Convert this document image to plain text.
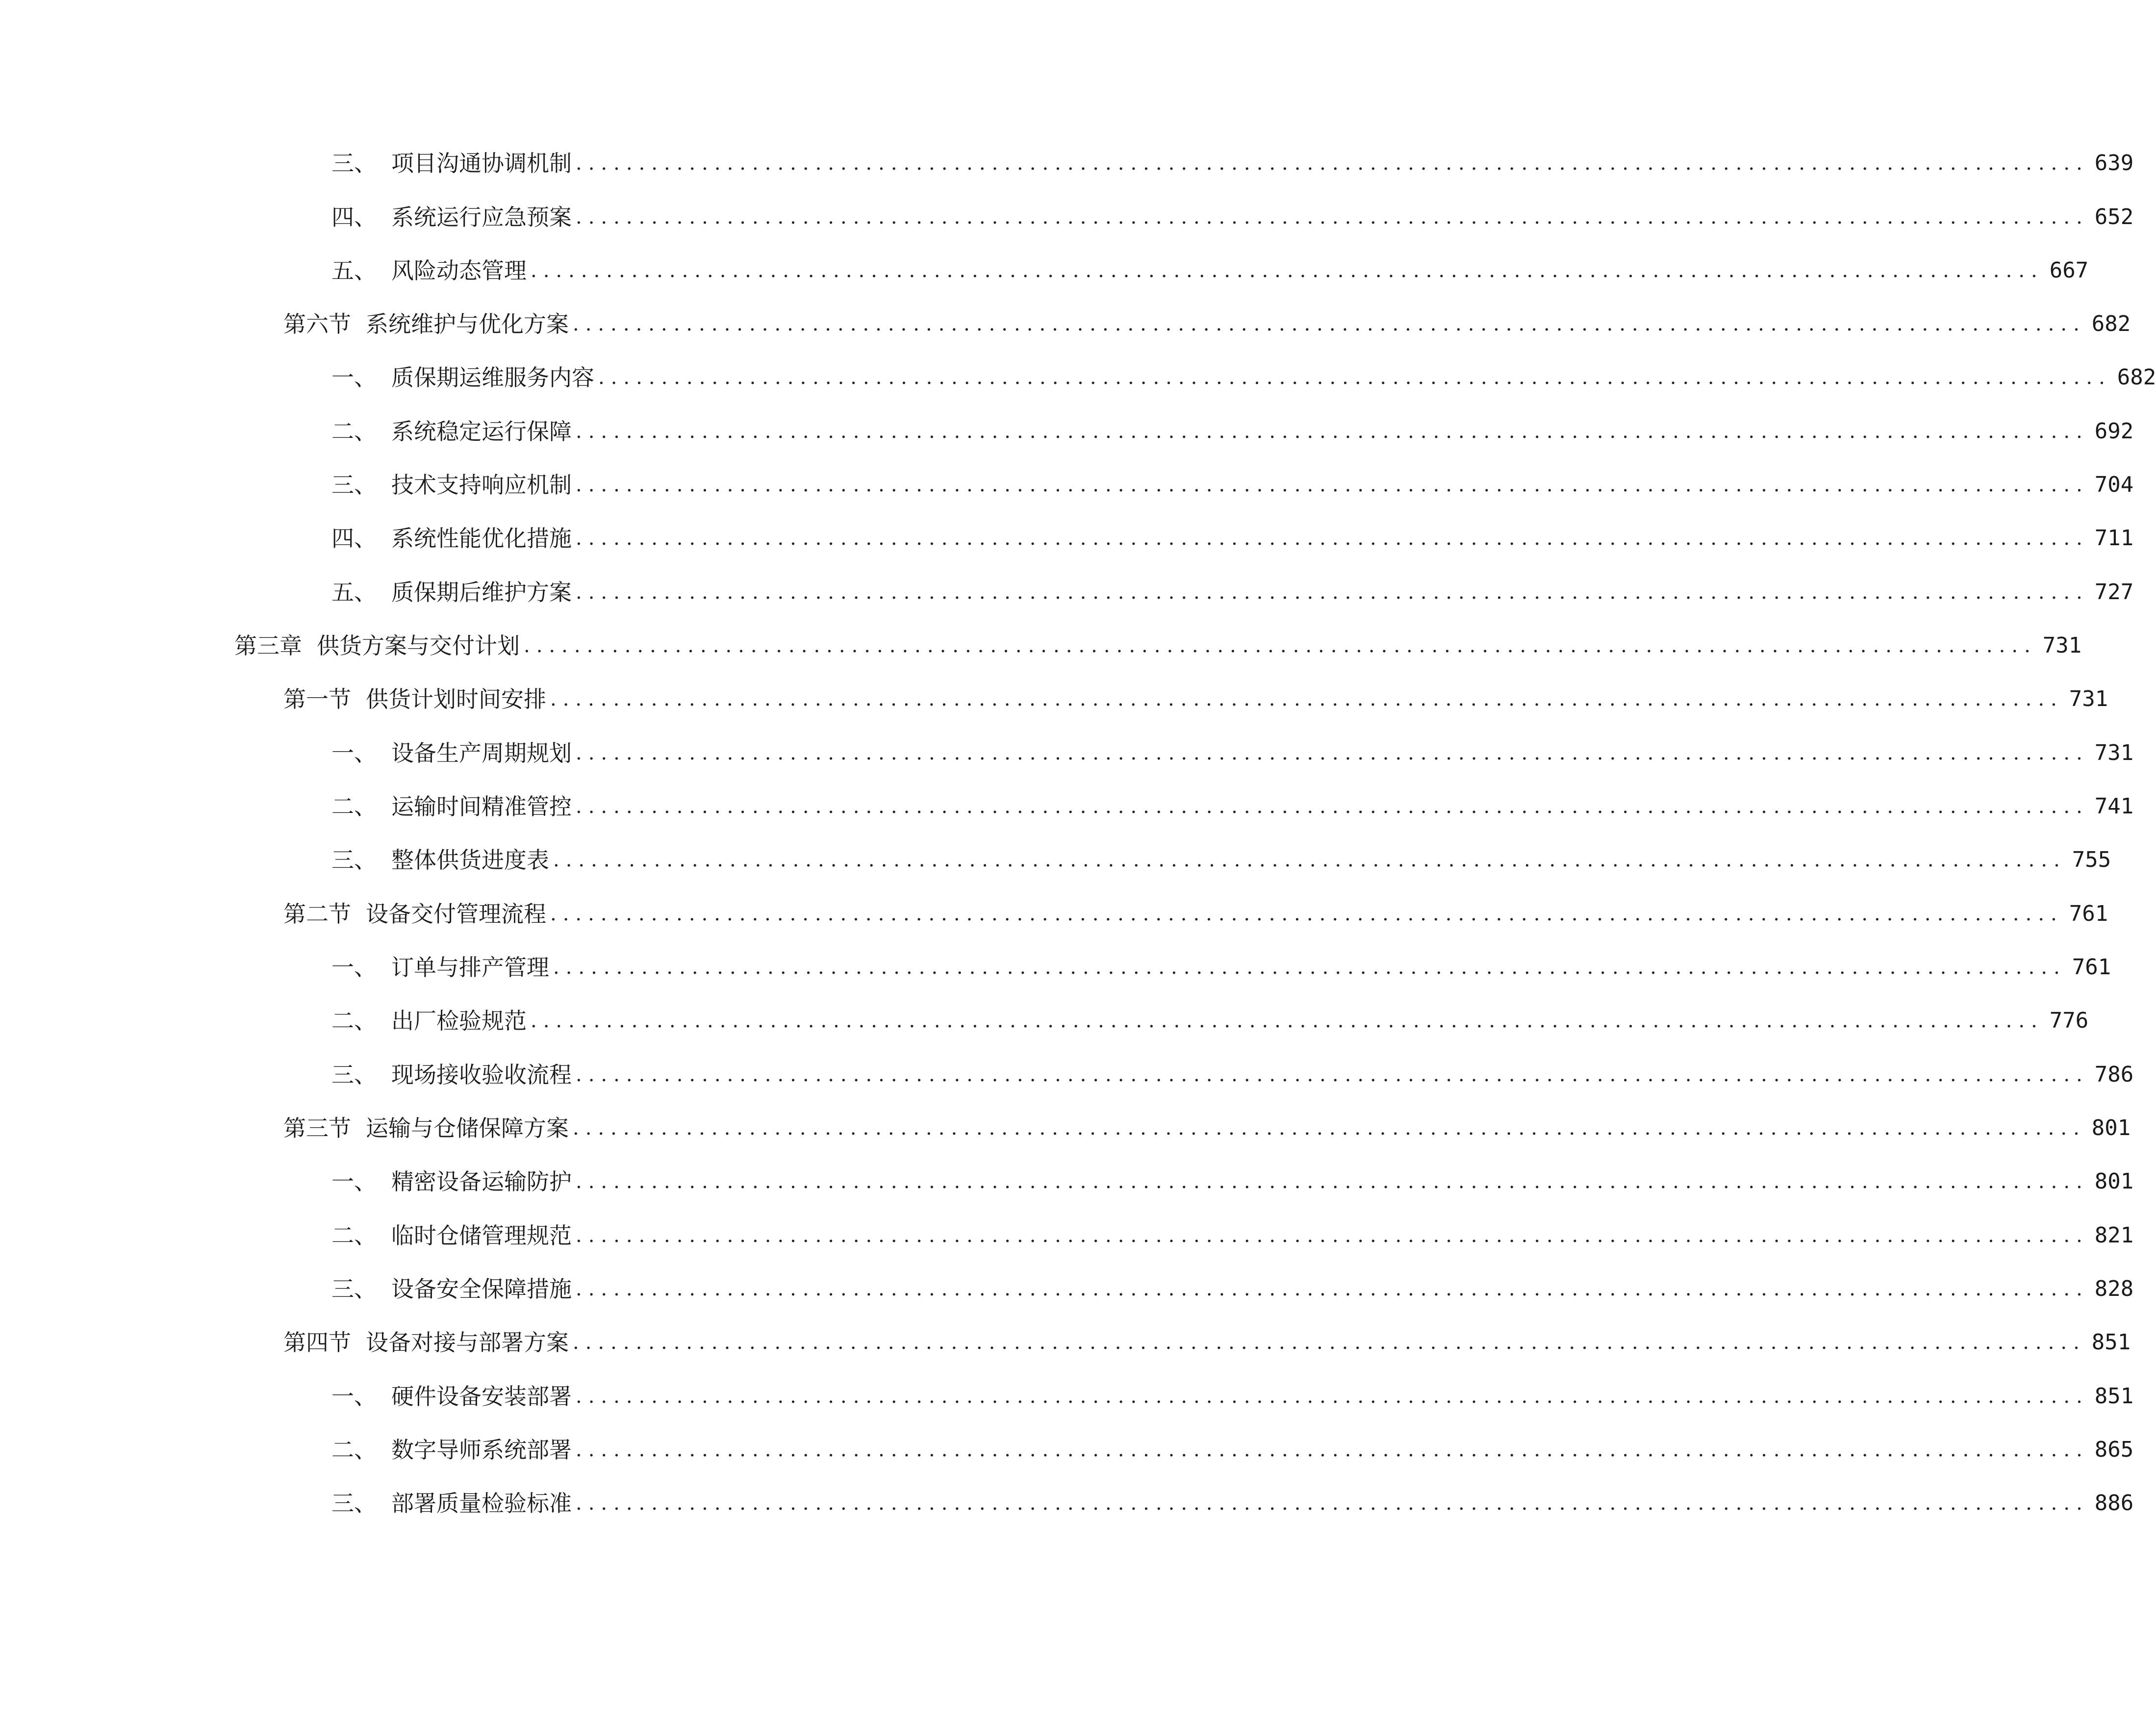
三、 项目沟通协调机制 ........................................................................................................................ 639
四、 系统运行应急预案 ........................................................................................................................ 652
五、 风险动态管理 ........................................................................................................................ 667
第六节 系统维护与优化方案 ........................................................................................................................ 682
一、 质保期运维服务内容 ........................................................................................................................ 682
二、 系统稳定运行保障 ........................................................................................................................ 692
三、 技术支持响应机制 ........................................................................................................................ 704
四、 系统性能优化措施 ........................................................................................................................ 711
五、 质保期后维护方案 ........................................................................................................................ 727
第三章 供货方案与交付计划 ........................................................................................................................ 731
第一节 供货计划时间安排 ........................................................................................................................ 731
一、 设备生产周期规划 ........................................................................................................................ 731
二、 运输时间精准管控 ........................................................................................................................ 741
三、 整体供货进度表 ........................................................................................................................ 755
第二节 设备交付管理流程 ........................................................................................................................ 761
一、 订单与排产管理 ........................................................................................................................ 761
二、 出厂检验规范 ........................................................................................................................ 776
三、 现场接收验收流程 ........................................................................................................................ 786
第三节 运输与仓储保障方案 ........................................................................................................................ 801
一、 精密设备运输防护 ........................................................................................................................ 801
二、 临时仓储管理规范 ........................................................................................................................ 821
三、 设备安全保障措施 ........................................................................................................................ 828
第四节 设备对接与部署方案 ........................................................................................................................ 851
一、 硬件设备安装部署 ........................................................................................................................ 851
二、 数字导师系统部署 ........................................................................................................................ 865
三、 部署质量检验标准 ........................................................................................................................ 886
